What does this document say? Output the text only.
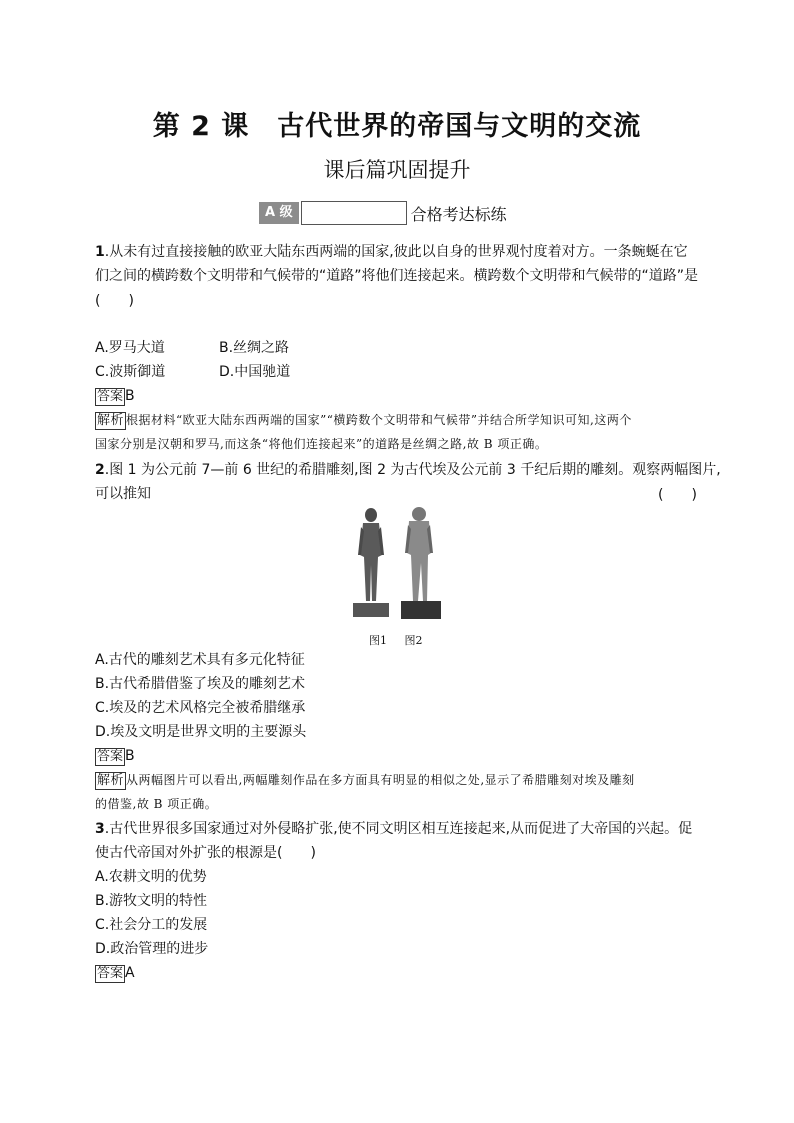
第 2 课　古代世界的帝国与文明的交流
课后篇巩固提升
A 级	合格考达标练
1.从未有过直接接触的欧亚大陆东西两端的国家,彼此以自身的世界观忖度着对方。一条蜿蜒在它
们之间的横跨数个文明带和气候带的“道路”将他们连接起来。横跨数个文明带和气候带的“道路”是
(　　)
A.罗马大道	B.丝绸之路
C.波斯御道	D.中国驰道
答案 B
解析 根据材料“欧亚大陆东西两端的国家”“横跨数个文明带和气候带”并结合所学知识可知,这两个
国家分别是汉朝和罗马,而这条“将他们连接起来”的道路是丝绸之路,故 B 项正确。
2.图 1 为公元前 7—前 6 世纪的希腊雕刻,图 2 为古代埃及公元前 3 千纪后期的雕刻。观察两幅图片,
可以推知	(　　)
图1 图2
A.古代的雕刻艺术具有多元化特征
B.古代希腊借鉴了埃及的雕刻艺术
C.埃及的艺术风格完全被希腊继承
D.埃及文明是世界文明的主要源头
答案 B
解析 从两幅图片可以看出,两幅雕刻作品在多方面具有明显的相似之处,显示了希腊雕刻对埃及雕刻
的借鉴,故 B 项正确。
3.古代世界很多国家通过对外侵略扩张,使不同文明区相互连接起来,从而促进了大帝国的兴起。促
使古代帝国对外扩张的根源是(　　)
A.农耕文明的优势
B.游牧文明的特性
C.社会分工的发展
D.政治管理的进步
答案 A
